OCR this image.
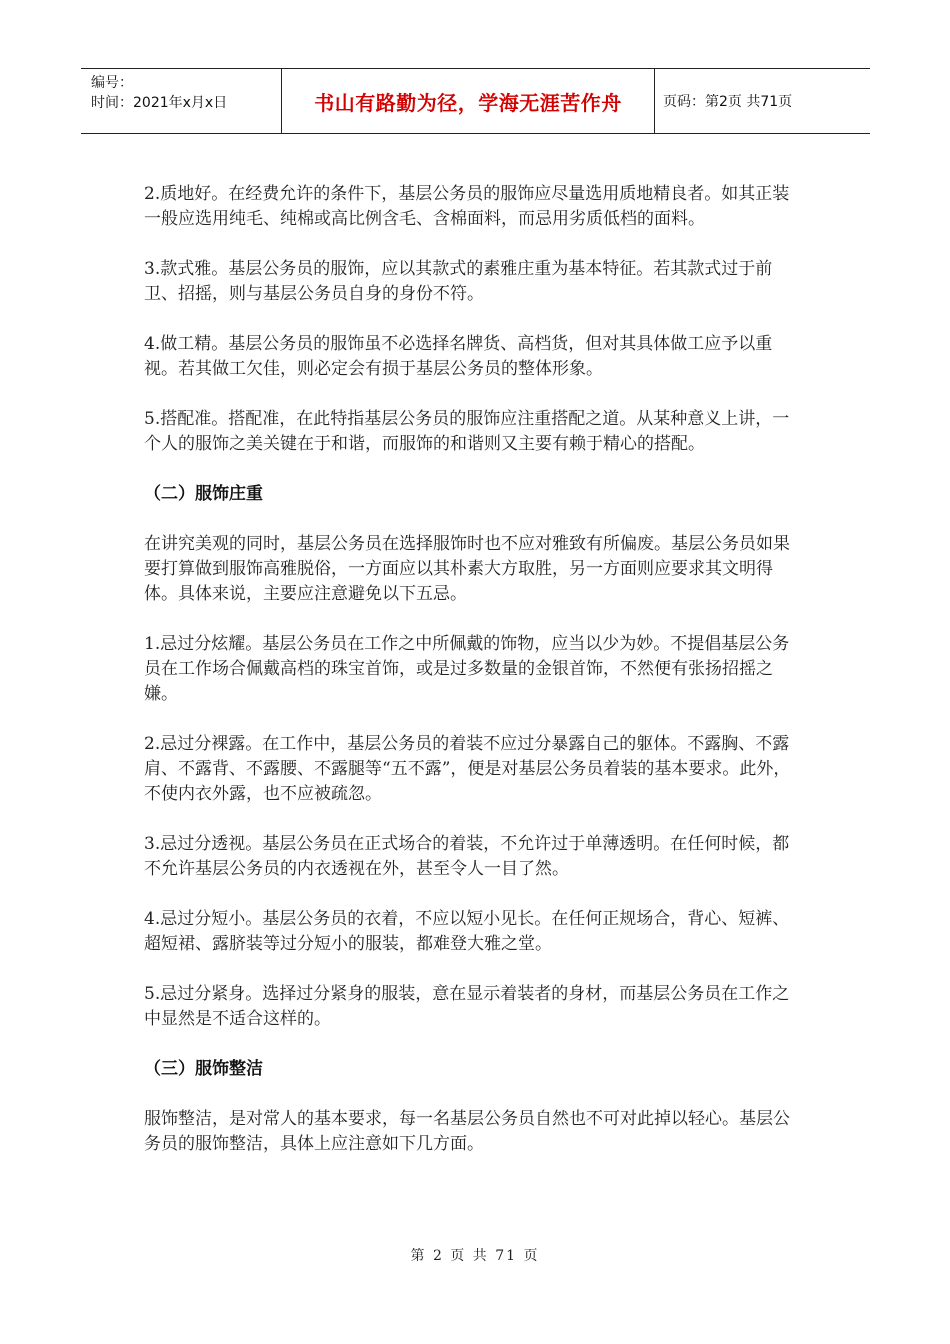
编号：
时间：2021年x月x日	书山有路勤为径，学海无涯苦作舟	页码：第2页 共71页

2.质地好。在经费允许的条件下，基层公务员的服饰应尽量选用质地精良者。如其正装一般应选用纯毛、纯棉或高比例含毛、含棉面料，而忌用劣质低档的面料。

3.款式雅。基层公务员的服饰，应以其款式的素雅庄重为基本特征。若其款式过于前卫、招摇，则与基层公务员自身的身份不符。

4.做工精。基层公务员的服饰虽不必选择名牌货、高档货，但对其具体做工应予以重视。若其做工欠佳，则必定会有损于基层公务员的整体形象。

5.搭配准。搭配准，在此特指基层公务员的服饰应注重搭配之道。从某种意义上讲，一个人的服饰之美关键在于和谐，而服饰的和谐则又主要有赖于精心的搭配。

（二）服饰庄重

在讲究美观的同时，基层公务员在选择服饰时也不应对雅致有所偏废。基层公务员如果要打算做到服饰高雅脱俗，一方面应以其朴素大方取胜，另一方面则应要求其文明得体。具体来说，主要应注意避免以下五忌。

1.忌过分炫耀。基层公务员在工作之中所佩戴的饰物，应当以少为妙。不提倡基层公务员在工作场合佩戴高档的珠宝首饰，或是过多数量的金银首饰，不然便有张扬招摇之嫌。

2.忌过分裸露。在工作中，基层公务员的着装不应过分暴露自己的躯体。不露胸、不露肩、不露背、不露腰、不露腿等“五不露”，便是对基层公务员着装的基本要求。此外，不使内衣外露，也不应被疏忽。

3.忌过分透视。基层公务员在正式场合的着装，不允许过于单薄透明。在任何时候，都不允许基层公务员的内衣透视在外，甚至令人一目了然。

4.忌过分短小。基层公务员的衣着，不应以短小见长。在任何正规场合，背心、短裤、超短裙、露脐装等过分短小的服装，都难登大雅之堂。

5.忌过分紧身。选择过分紧身的服装，意在显示着装者的身材，而基层公务员在工作之中显然是不适合这样的。

（三）服饰整洁

服饰整洁，是对常人的基本要求，每一名基层公务员自然也不可对此掉以轻心。基层公务员的服饰整洁，具体上应注意如下几方面。

第 2 页 共 71 页
